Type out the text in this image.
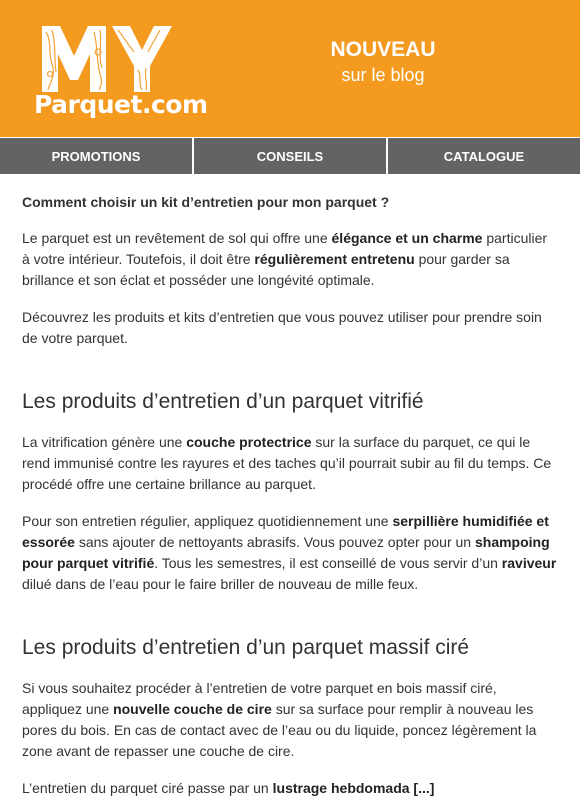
Parquet.com
NOUVEAU
sur le blog
PROMOTIONS	CONSEILS	CATALOGUE

Comment choisir un kit d’entretien pour mon parquet ?

Le parquet est un revêtement de sol qui offre une élégance et un charme particulier à votre intérieur. Toutefois, il doit être régulièrement entretenu pour garder sa brillance et son éclat et posséder une longévité optimale.

Découvrez les produits et kits d’entretien que vous pouvez utiliser pour prendre soin de votre parquet.

Les produits d’entretien d’un parquet vitrifié

La vitrification génère une couche protectrice sur la surface du parquet, ce qui le rend immunisé contre les rayures et des taches qu’il pourrait subir au fil du temps. Ce procédé offre une certaine brillance au parquet.

Pour son entretien régulier, appliquez quotidiennement une serpillière humidifiée et essorée sans ajouter de nettoyants abrasifs. Vous pouvez opter pour un shampoing pour parquet vitrifié. Tous les semestres, il est conseillé de vous servir d’un raviveur dilué dans de l’eau pour le faire briller de nouveau de mille feux.

Les produits d’entretien d’un parquet massif ciré

Si vous souhaitez procéder à l’entretien de votre parquet en bois massif ciré, appliquez une nouvelle couche de cire sur sa surface pour remplir à nouveau les pores du bois. En cas de contact avec de l’eau ou du liquide, poncez légèrement la zone avant de repasser une couche de cire.

L’entretien du parquet ciré passe par un lustrage hebdomada [...]
